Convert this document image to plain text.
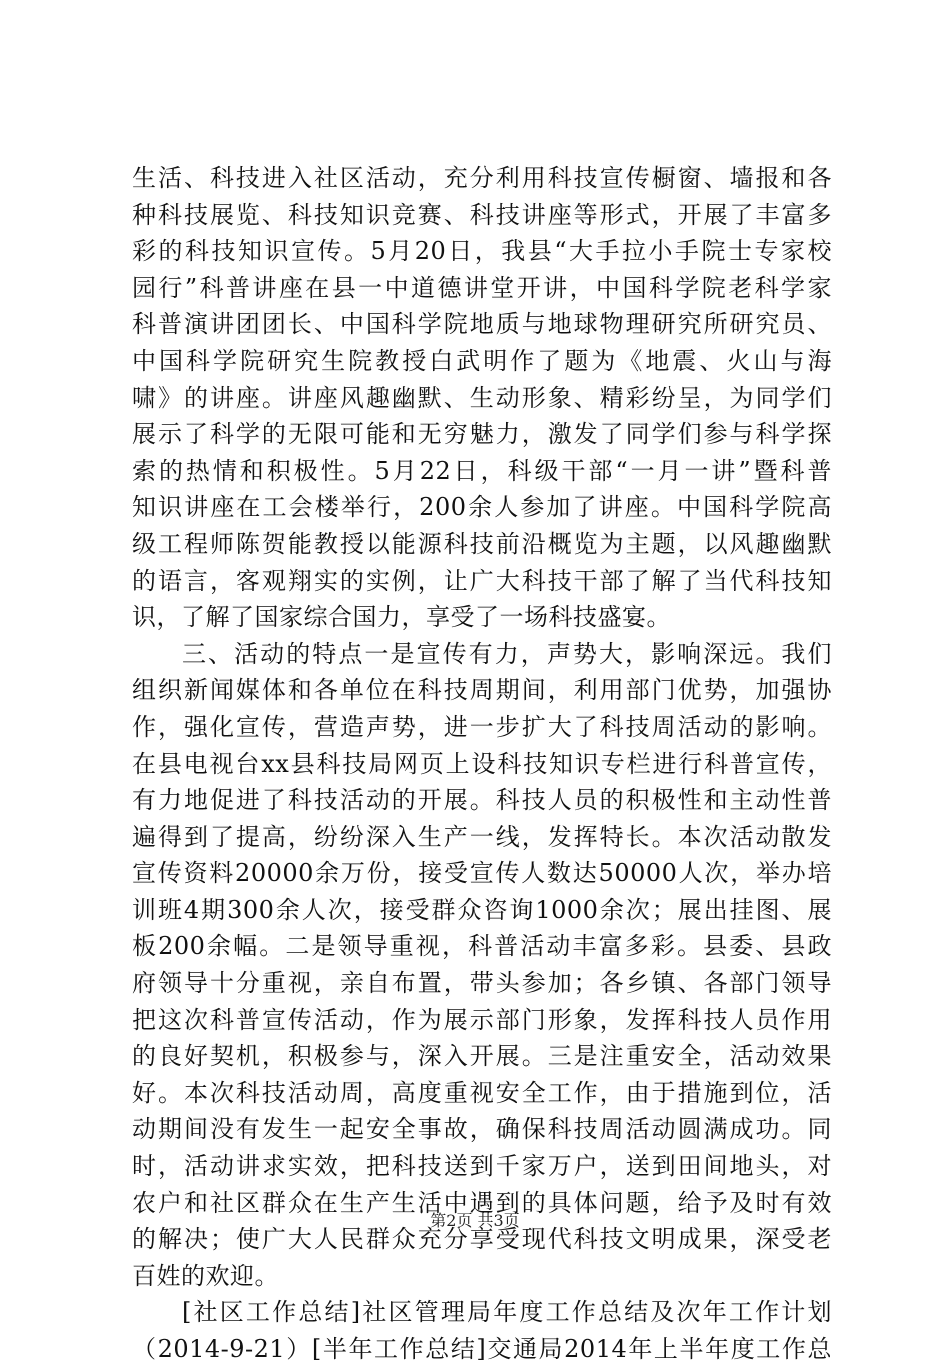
生活、科技进入社区活动，充分利用科技宣传橱窗、墙报和各
种科技展览、科技知识竞赛、科技讲座等形式，开展了丰富多
彩的科技知识宣传。5月20日，我县“大手拉小手院士专家校
园行”科普讲座在县一中道德讲堂开讲，中国科学院老科学家
科普演讲团团长、中国科学院地质与地球物理研究所研究员、
中国科学院研究生院教授白武明作了题为《地震、火山与海
啸》的讲座。讲座风趣幽默、生动形象、精彩纷呈，为同学们
展示了科学的无限可能和无穷魅力，激发了同学们参与科学探
索的热情和积极性。5月22日，科级干部“一月一讲”暨科普
知识讲座在工会楼举行，200余人参加了讲座。中国科学院高
级工程师陈贺能教授以能源科技前沿概览为主题，以风趣幽默
的语言，客观翔实的实例，让广大科技干部了解了当代科技知
识，了解了国家综合国力，享受了一场科技盛宴。
三、活动的特点一是宣传有力，声势大，影响深远。我们
组织新闻媒体和各单位在科技周期间，利用部门优势，加强协
作，强化宣传，营造声势，进一步扩大了科技周活动的影响。
在县电视台xx县科技局网页上设科技知识专栏进行科普宣传，
有力地促进了科技活动的开展。科技人员的积极性和主动性普
遍得到了提高，纷纷深入生产一线，发挥特长。本次活动散发
宣传资料20000余万份，接受宣传人数达50000人次，举办培
训班4期300余人次，接受群众咨询1000余次；展出挂图、展
板200余幅。二是领导重视，科普活动丰富多彩。县委、县政
府领导十分重视，亲自布置，带头参加；各乡镇、各部门领导
把这次科普宣传活动，作为展示部门形象，发挥科技人员作用
的良好契机，积极参与，深入开展。三是注重安全，活动效果
好。本次科技活动周，高度重视安全工作，由于措施到位，活
动期间没有发生一起安全事故，确保科技周活动圆满成功。同
时，活动讲求实效，把科技送到千家万户，送到田间地头，对
农户和社区群众在生产生活中遇到的具体问题，给予及时有效
的解决；使广大人民群众充分享受现代科技文明成果，深受老
百姓的欢迎。
[社区工作总结]社区管理局年度工作总结及次年工作计划
（2014-9-21）[半年工作总结]交通局2014年上半年度工作总
第2页 共3页
